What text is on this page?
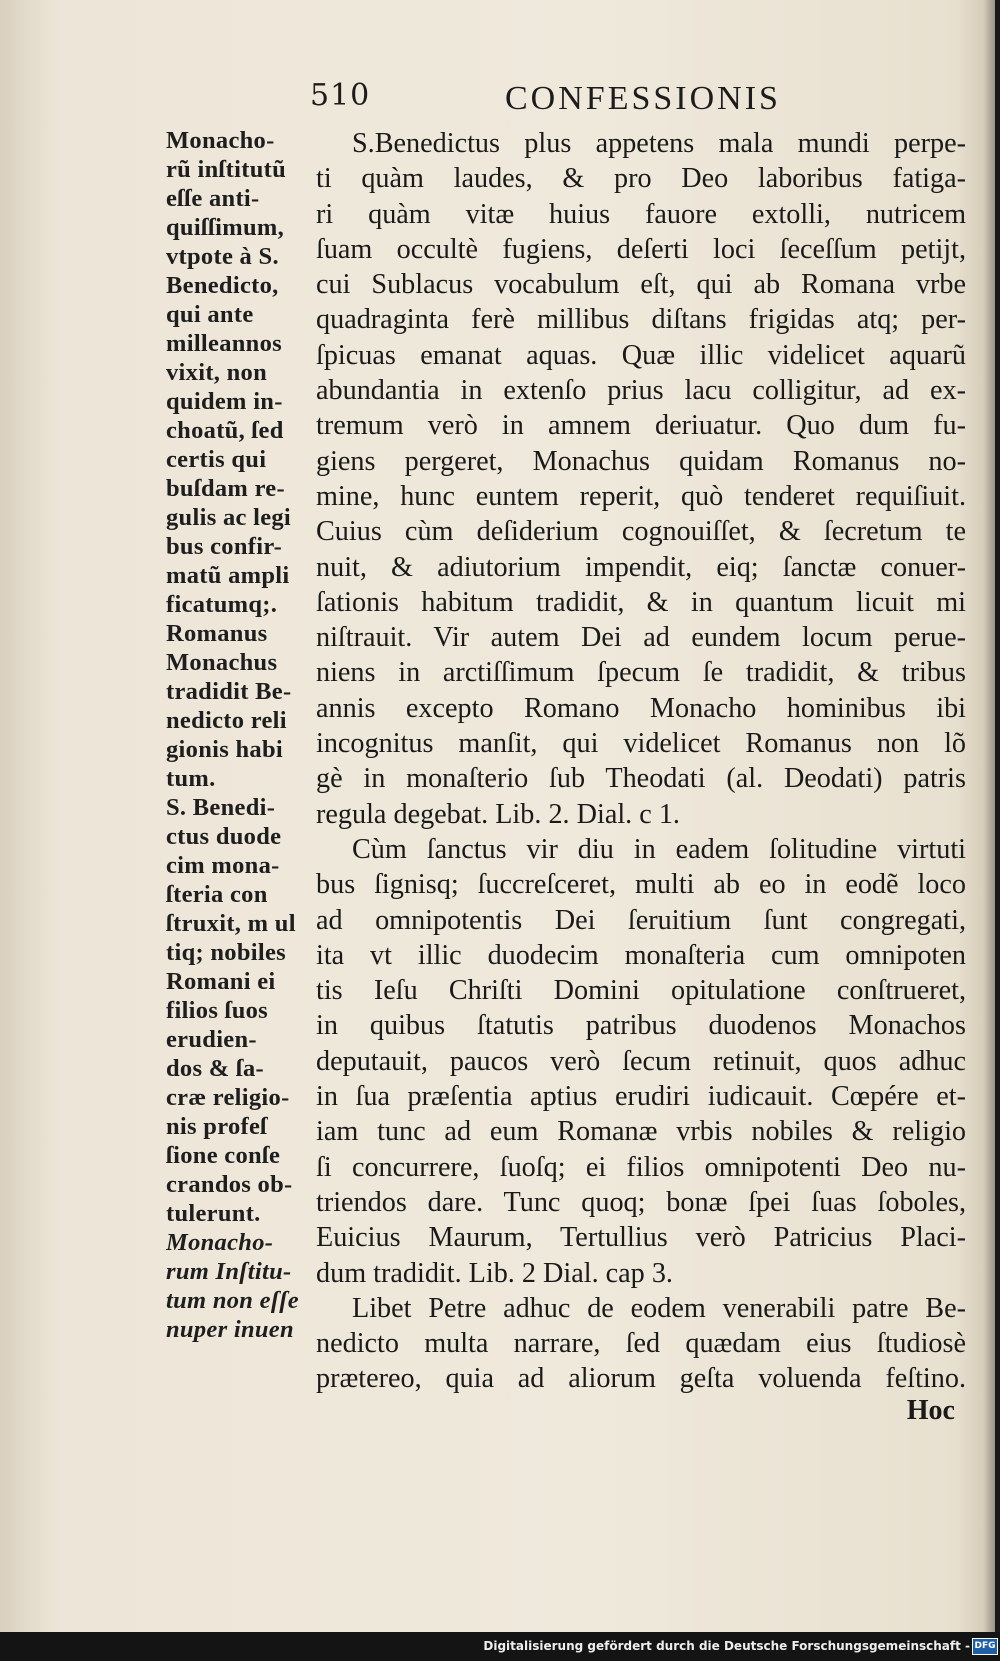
510	CONFESSIONIS
Monacho-
rũ inſtitutũ
eſſe anti-
quiſſimum,
vtpote à S.
Benedicto,
qui ante
milleannos
vixit, non
quidem in-
choatũ, ſed
certis qui
buſdam re-
gulis ac legi
bus confir-
matũ ampli
ficatumq;.
Romanus
Monachus
tradidit Be-
nedicto reli
gionis habi
tum.
S. Benedi-
ctus duode
cim mona-
ſteria con
ſtruxit, m ul
tiq; nobiles
Romani ei
filios ſuos
erudien-
dos & ſa-
cræ religio-
nis profeſ
ſione conſe
crandos ob-
tulerunt.
Monacho-
rum Inſtitu-
tum non eſſe
nuper inuen
S.Benedictus plus appetens mala mundi perpe-
ti quàm laudes, & pro Deo laboribus fatiga-
ri quàm vitæ huius fauore extolli, nutricem
ſuam occultè fugiens, deſerti loci ſeceſſum petijt,
cui Sublacus vocabulum eſt, qui ab Romana vrbe
quadraginta ferè millibus diſtans frigidas atq; per-
ſpicuas emanat aquas. Quæ illic videlicet aquarũ
abundantia in extenſo prius lacu colligitur, ad ex-
tremum verò in amnem deriuatur. Quo dum fu-
giens pergeret, Monachus quidam Romanus no-
mine, hunc euntem reperit, quò tenderet requiſiuit.
Cuius cùm deſiderium cognouiſſet, & ſecretum te
nuit, & adiutorium impendit, eiq; ſanctæ conuer-
ſationis habitum tradidit, & in quantum licuit mi
niſtrauit. Vir autem Dei ad eundem locum perue-
niens in arctiſſimum ſpecum ſe tradidit, & tribus
annis excepto Romano Monacho hominibus ibi
incognitus manſit, qui videlicet Romanus non lõ
gè in monaſterio ſub Theodati (al. Deodati) patris
regula degebat. Lib. 2. Dial. c 1.
Cùm ſanctus vir diu in eadem ſolitudine virtuti
bus ſignisq; ſuccreſceret, multi ab eo in eodẽ loco
ad omnipotentis Dei ſeruitium ſunt congregati,
ita vt illic duodecim monaſteria cum omnipoten
tis Ieſu Chriſti Domini opitulatione conſtrueret,
in quibus ſtatutis patribus duodenos Monachos
deputauit, paucos verò ſecum retinuit, quos adhuc
in ſua præſentia aptius erudiri iudicauit. Cœpére et-
iam tunc ad eum Romanæ vrbis nobiles & religio
ſi concurrere, ſuoſq; ei filios omnipotenti Deo nu-
triendos dare. Tunc quoq; bonæ ſpei ſuas ſoboles,
Euicius Maurum, Tertullius verò Patricius Placi-
dum tradidit. Lib. 2 Dial. cap 3.
Libet Petre adhuc de eodem venerabili patre Be-
nedicto multa narrare, ſed quædam eius ſtudiosè
prætereo, quia ad aliorum geſta voluenda feſtino.
Hoc
Digitalisierung gefördert durch die Deutsche Forschungsgemeinschaft - DFG
